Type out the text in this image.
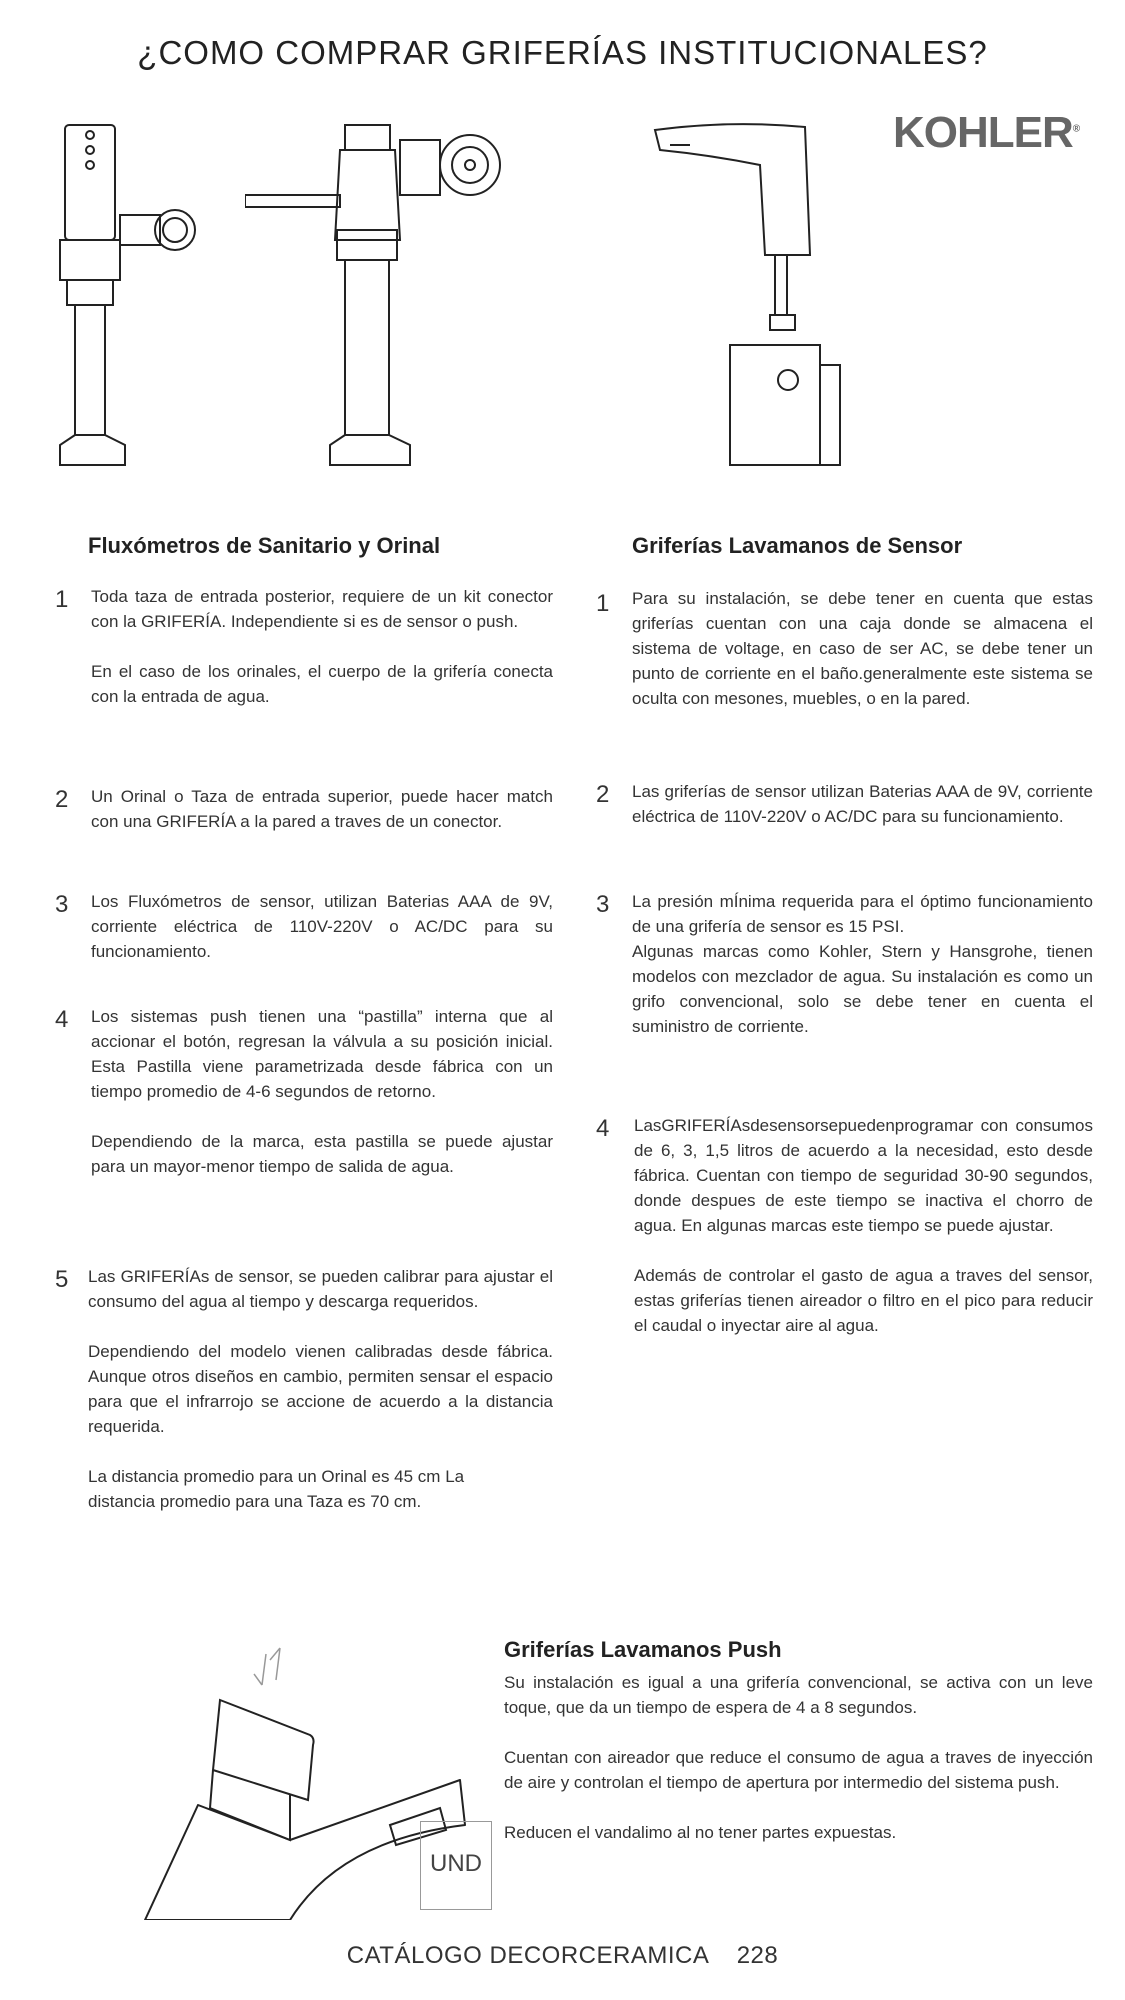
¿COMO COMPRAR GRIFERÍAS INSTITUCIONALES?
KOHLER®
Fluxómetros de Sanitario y Orinal
1 Toda taza de entrada posterior, requiere de un kit conector con la GRIFERÍA. Independiente si es de sensor o push.

En el caso de los orinales, el cuerpo de la grifería conecta con la entrada de agua.

2 Un Orinal o Taza de entrada superior, puede hacer match con una GRIFERÍA a la pared a traves de un conector.

3 Los Fluxómetros de sensor, utilizan Baterias AAA de 9V, corriente eléctrica de 110V-220V o AC/DC para su funcionamiento.

4 Los sistemas push tienen una “pastilla” interna que al accionar el botón, regresan la válvula a su posición inicial. Esta Pastilla viene parametrizada desde fábrica con un tiempo promedio de 4-6 segundos de retorno.

Dependiendo de la marca, esta pastilla se puede ajustar para un mayor-menor tiempo de salida de agua.

5 Las GRIFERÍAs de sensor, se pueden calibrar para ajustar el consumo del agua al tiempo y descarga requeridos.

Dependiendo del modelo vienen calibradas desde fábrica. Aunque otros diseños en cambio, permiten sensar el espacio para que el infrarrojo se accione de acuerdo a la distancia requerida.

La distancia promedio para un Orinal es 45 cm La distancia promedio para una Taza es 70 cm.

Griferías Lavamanos de Sensor
1 Para su instalación, se debe tener en cuenta que estas griferías cuentan con una caja donde se almacena el sistema de voltage, en caso de ser AC, se debe tener un punto de corriente en el baño.generalmente este sistema se oculta con mesones, muebles, o en la pared.

2 Las griferías de sensor utilizan Baterias AAA de 9V, corriente eléctrica de 110V-220V o AC/DC para su funcionamiento.

3 La presión mÍnima requerida para el óptimo funcionamiento de una grifería de sensor es 15 PSI.

Algunas marcas como Kohler, Stern y Hansgrohe, tienen modelos con mezclador de agua. Su instalación es como un grifo convencional, solo se debe tener en cuenta el suministro de corriente.

4 LasGRIFERÍAsdesensorsepuedenprogramar con consumos de 6, 3, 1,5 litros de acuerdo a la necesidad, esto desde fábrica. Cuentan con tiempo de seguridad 30-90 segundos, donde despues de este tiempo se inactiva el chorro de agua. En algunas marcas este tiempo se puede ajustar.

Además de controlar el gasto de agua a traves del sensor, estas griferías tienen aireador o filtro en el pico para reducir el caudal o inyectar aire al agua.

Griferías Lavamanos Push

Su instalación es igual a una grifería convencional, se activa con un leve toque, que da un tiempo de espera de 4 a 8 segundos.

Cuentan con aireador que reduce el consumo de agua a traves de inyección de aire y controlan el tiempo de apertura por intermedio del sistema push.

Reducen el vandalimo al no tener partes expuestas.

UND
CATÁLOGO DECORCERAMICA    228
